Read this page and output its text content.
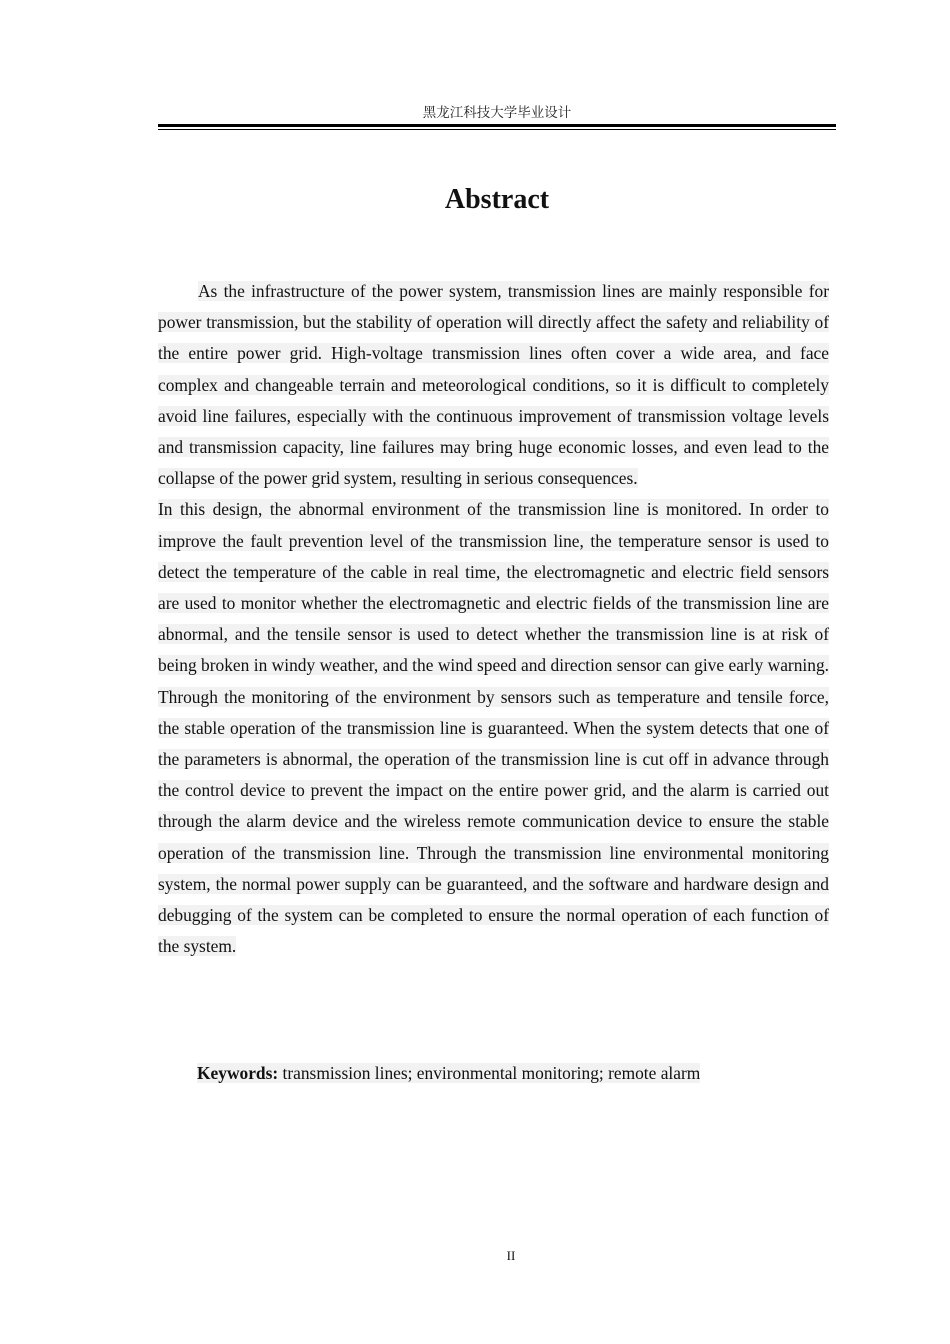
黑龙江科技大学毕业设计
Abstract

As the infrastructure of the power system, transmission lines are mainly responsible for power transmission, but the stability of operation will directly affect the safety and reliability of the entire power grid. High-voltage transmission lines often cover a wide area, and face complex and changeable terrain and meteorological conditions, so it is difficult to completely avoid line failures, especially with the continuous improvement of transmission voltage levels and transmission capacity, line failures may bring huge economic losses, and even lead to the collapse of the power grid system, resulting in serious consequences.

In this design, the abnormal environment of the transmission line is monitored. In order to improve the fault prevention level of the transmission line, the temperature sensor is used to detect the temperature of the cable in real time, the electromagnetic and electric field sensors are used to monitor whether the electromagnetic and electric fields of the transmission line are abnormal, and the tensile sensor is used to detect whether the transmission line is at risk of being broken in windy weather, and the wind speed and direction sensor can give early warning. Through the monitoring of the environment by sensors such as temperature and tensile force, the stable operation of the transmission line is guaranteed. When the system detects that one of the parameters is abnormal, the operation of the transmission line is cut off in advance through the control device to prevent the impact on the entire power grid, and the alarm is carried out through the alarm device and the wireless remote communication device to ensure the stable operation of the transmission line. Through the transmission line environmental monitoring system, the normal power supply can be guaranteed, and the software and hardware design and debugging of the system can be completed to ensure the normal operation of each function of the system.

Keywords: transmission lines; environmental monitoring; remote alarm
II
